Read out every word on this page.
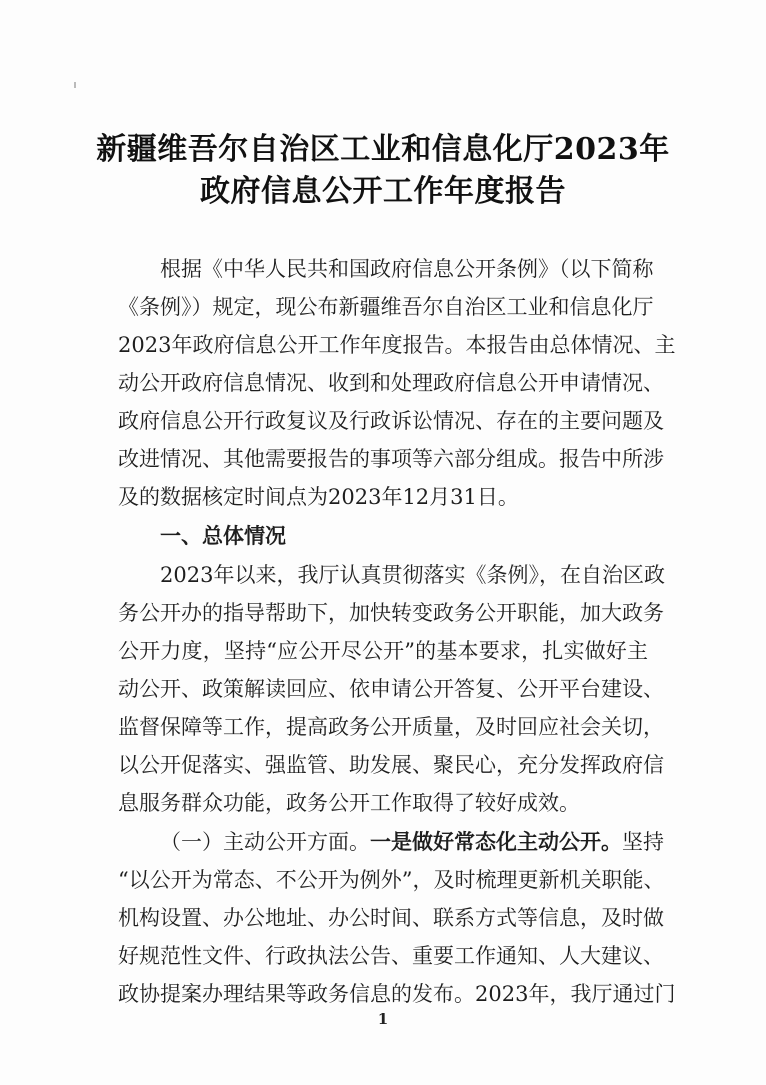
新疆维吾尔自治区工业和信息化厅2023年
政府信息公开工作年度报告
根据《中华人民共和国政府信息公开条例》（以下简称
《条例》）规定，现公布新疆维吾尔自治区工业和信息化厅
2023年政府信息公开工作年度报告。本报告由总体情况、主
动公开政府信息情况、收到和处理政府信息公开申请情况、
政府信息公开行政复议及行政诉讼情况、存在的主要问题及
改进情况、其他需要报告的事项等六部分组成。报告中所涉
及的数据核定时间点为2023年12月31日。
一、总体情况
2023年以来，我厅认真贯彻落实《条例》，在自治区政
务公开办的指导帮助下，加快转变政务公开职能，加大政务
公开力度，坚持“应公开尽公开”的基本要求，扎实做好主
动公开、政策解读回应、依申请公开答复、公开平台建设、
监督保障等工作，提高政务公开质量，及时回应社会关切，
以公开促落实、强监管、助发展、聚民心，充分发挥政府信
息服务群众功能，政务公开工作取得了较好成效。
（一）主动公开方面。一是做好常态化主动公开。坚持
“以公开为常态、不公开为例外”，及时梳理更新机关职能、
机构设置、办公地址、办公时间、联系方式等信息，及时做
好规范性文件、行政执法公告、重要工作通知、人大建议、
政协提案办理结果等政务信息的发布。2023年，我厅通过门
1
